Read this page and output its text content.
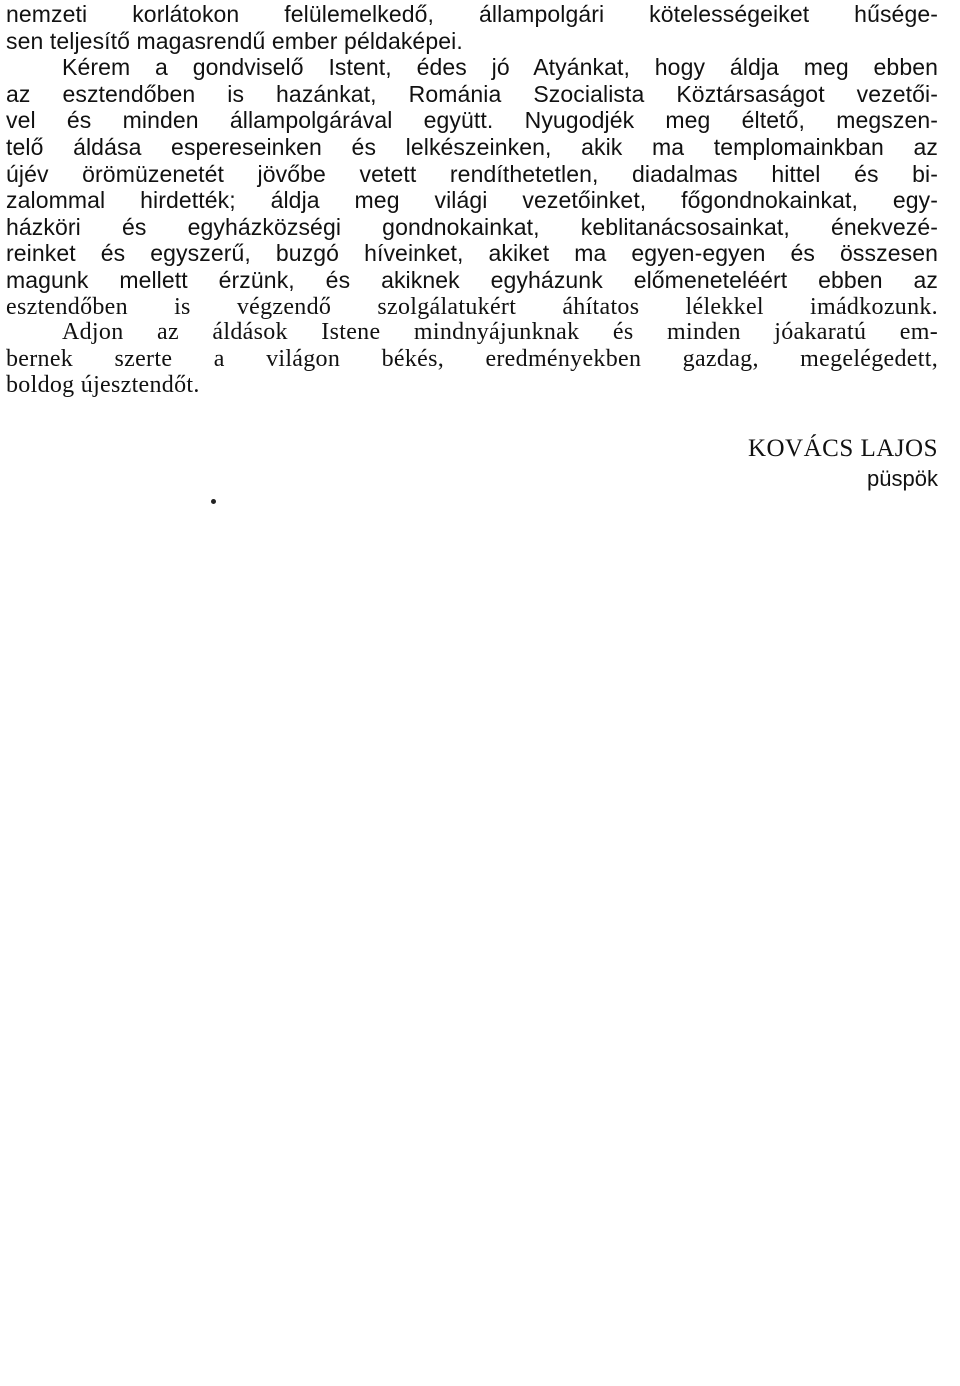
nemzeti korlátokon felülemelkedő, állampolgári kötelességeiket hűsége-
sen teljesítő magasrendű ember példaképei.
Kérem a gondviselő Istent, édes jó Atyánkat, hogy áldja meg ebben
az esztendőben is hazánkat, Románia Szocialista Köztársaságot vezetői-
vel és minden állampolgárával együtt. Nyugodjék meg éltető, megszen-
telő áldása espereseinken és lelkészeinken, akik ma templomainkban az
újév örömüzenetét jövőbe vetett rendíthetetlen, diadalmas hittel és bi-
zalommal hirdették; áldja meg világi vezetőinket, főgondnokainkat, egy-
házköri és egyházközségi gondnokainkat, keblitanácsosainkat, énekvezé-
reinket és egyszerű, buzgó híveinket, akiket ma egyen-egyen és összesen
magunk mellett érzünk, és akiknek egyházunk előmeneteléért ebben az
esztendőben is végzendő szolgálatukért áhítatos lélekkel imádkozunk.
Adjon az áldások Istene mindnyájunknak és minden jóakaratú em-
bernek szerte a világon békés, eredményekben gazdag, megelégedett,
boldog újesztendőt.
KOVÁCS LAJOS
püspök
